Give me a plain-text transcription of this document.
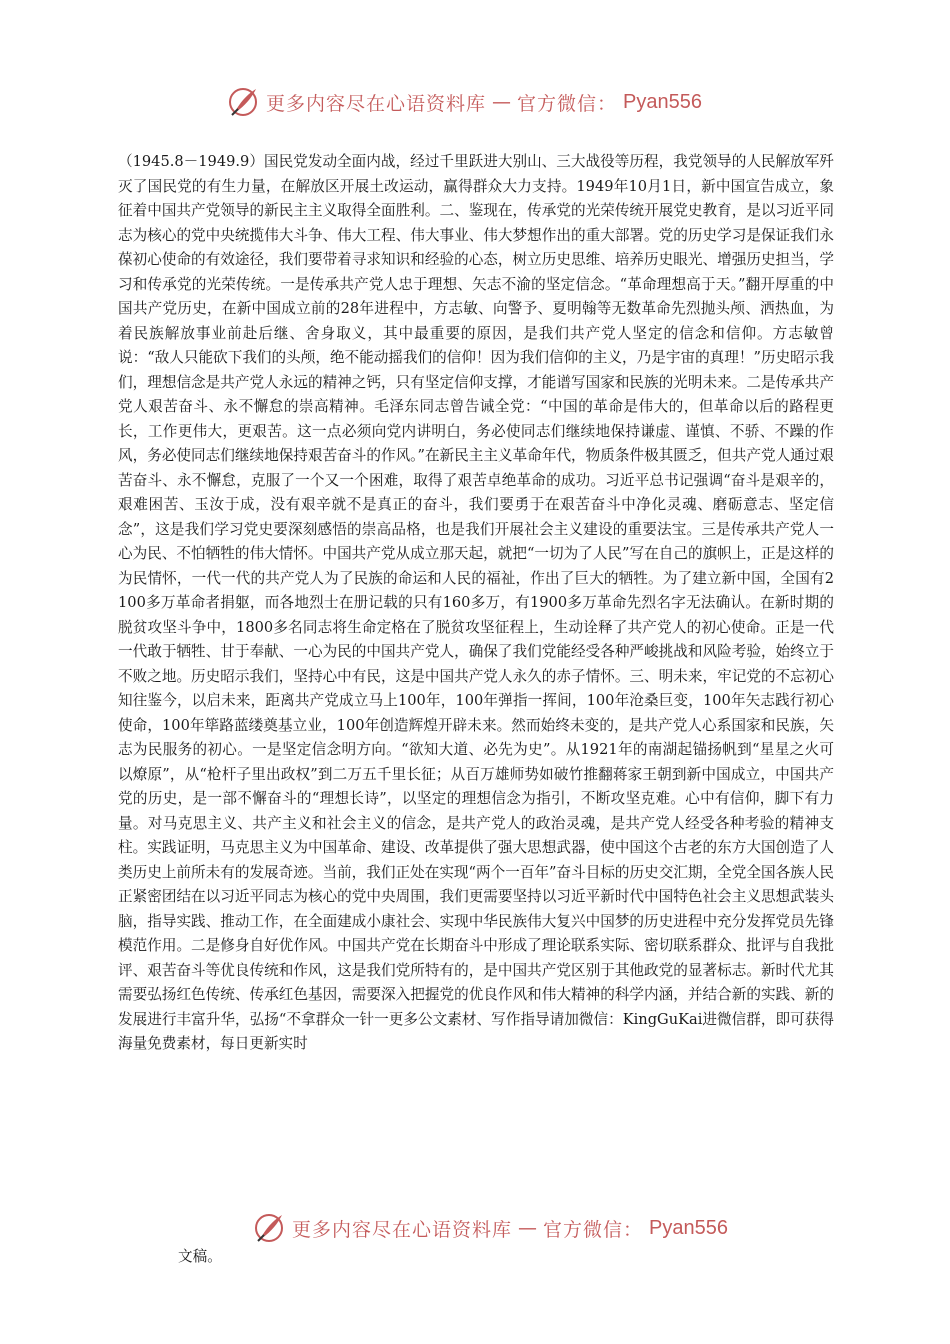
更多内容尽在心语资料库 — 官方微信： Pyan556

（1945.8－1949.9）国民党发动全面内战，经过千里跃进大别山、三大战役等历程，我党领导的人民解放军歼灭了国民党的有生力量，在解放区开展土改运动，赢得群众大力支持。1949年10月1日，新中国宣告成立，象征着中国共产党领导的新民主主义取得全面胜利。二、鉴现在，传承党的光荣传统开展党史教育，是以习近平同志为核心的党中央统揽伟大斗争、伟大工程、伟大事业、伟大梦想作出的重大部署。党的历史学习是保证我们永葆初心使命的有效途径，我们要带着寻求知识和经验的心态，树立历史思维、培养历史眼光、增强历史担当，学习和传承党的光荣传统。一是传承共产党人忠于理想、矢志不渝的坚定信念。“革命理想高于天。”翻开厚重的中国共产党历史，在新中国成立前的28年进程中，方志敏、向警予、夏明翰等无数革命先烈抛头颅、洒热血，为着民族解放事业前赴后继、舍身取义，其中最重要的原因，是我们共产党人坚定的信念和信仰。方志敏曾说：“敌人只能砍下我们的头颅，绝不能动摇我们的信仰！因为我们信仰的主义，乃是宇宙的真理！”历史昭示我们，理想信念是共产党人永远的精神之钙，只有坚定信仰支撑，才能谱写国家和民族的光明未来。二是传承共产党人艰苦奋斗、永不懈怠的崇高精神。毛泽东同志曾告诫全党：“中国的革命是伟大的，但革命以后的路程更长，工作更伟大，更艰苦。这一点必须向党内讲明白，务必使同志们继续地保持谦虚、谨慎、不骄、不躁的作风，务必使同志们继续地保持艰苦奋斗的作风。”在新民主主义革命年代，物质条件极其匮乏，但共产党人通过艰苦奋斗、永不懈怠，克服了一个又一个困难，取得了艰苦卓绝革命的成功。习近平总书记强调“奋斗是艰辛的，艰难困苦、玉汝于成，没有艰辛就不是真正的奋斗，我们要勇于在艰苦奋斗中净化灵魂、磨砺意志、坚定信念”，这是我们学习党史要深刻感悟的崇高品格，也是我们开展社会主义建设的重要法宝。三是传承共产党人一心为民、不怕牺牲的伟大情怀。中国共产党从成立那天起，就把“一切为了人民”写在自己的旗帜上，正是这样的为民情怀，一代一代的共产党人为了民族的命运和人民的福祉，作出了巨大的牺牲。为了建立新中国，全国有2100多万革命者捐躯，而各地烈士在册记载的只有160多万，有1900多万革命先烈名字无法确认。在新时期的脱贫攻坚斗争中，1800多名同志将生命定格在了脱贫攻坚征程上，生动诠释了共产党人的初心使命。正是一代一代敢于牺牲、甘于奉献、一心为民的中国共产党人，确保了我们党能经受各种严峻挑战和风险考验，始终立于不败之地。历史昭示我们，坚持心中有民，这是中国共产党人永久的赤子情怀。三、明未来，牢记党的不忘初心知往鉴今，以启未来，距离共产党成立马上100年，100年弹指一挥间，100年沧桑巨变，100年矢志践行初心使命，100年筚路蓝缕奠基立业，100年创造辉煌开辟未来。然而始终未变的，是共产党人心系国家和民族，矢志为民服务的初心。一是坚定信念明方向。“欲知大道、必先为史”。从1921年的南湖起锚扬帆到“星星之火可以燎原”，从“枪杆子里出政权”到二万五千里长征；从百万雄师势如破竹推翻蒋家王朝到新中国成立，中国共产党的历史，是一部不懈奋斗的“理想长诗”，以坚定的理想信念为指引，不断攻坚克难。心中有信仰，脚下有力量。对马克思主义、共产主义和社会主义的信念，是共产党人的政治灵魂，是共产党人经受各种考验的精神支柱。实践证明，马克思主义为中国革命、建设、改革提供了强大思想武器，使中国这个古老的东方大国创造了人类历史上前所未有的发展奇迹。当前，我们正处在实现“两个一百年”奋斗目标的历史交汇期，全党全国各族人民正紧密团结在以习近平同志为核心的党中央周围，我们更需要坚持以习近平新时代中国特色社会主义思想武装头脑，指导实践、推动工作，在全面建成小康社会、实现中华民族伟大复兴中国梦的历史进程中充分发挥党员先锋模范作用。二是修身自好优作风。中国共产党在长期奋斗中形成了理论联系实际、密切联系群众、批评与自我批评、艰苦奋斗等优良传统和作风，这是我们党所特有的，是中国共产党区别于其他政党的显著标志。新时代尤其需要弘扬红色传统、传承红色基因，需要深入把握党的优良作风和伟大精神的科学内涵，并结合新的实践、新的发展进行丰富升华，弘扬“不拿群众一针一更多公文素材、写作指导请加微信：KingGuKai进微信群，即可获得海量免费素材，每日更新实时

更多内容尽在心语资料库 — 官方微信： Pyan556

文稿。
